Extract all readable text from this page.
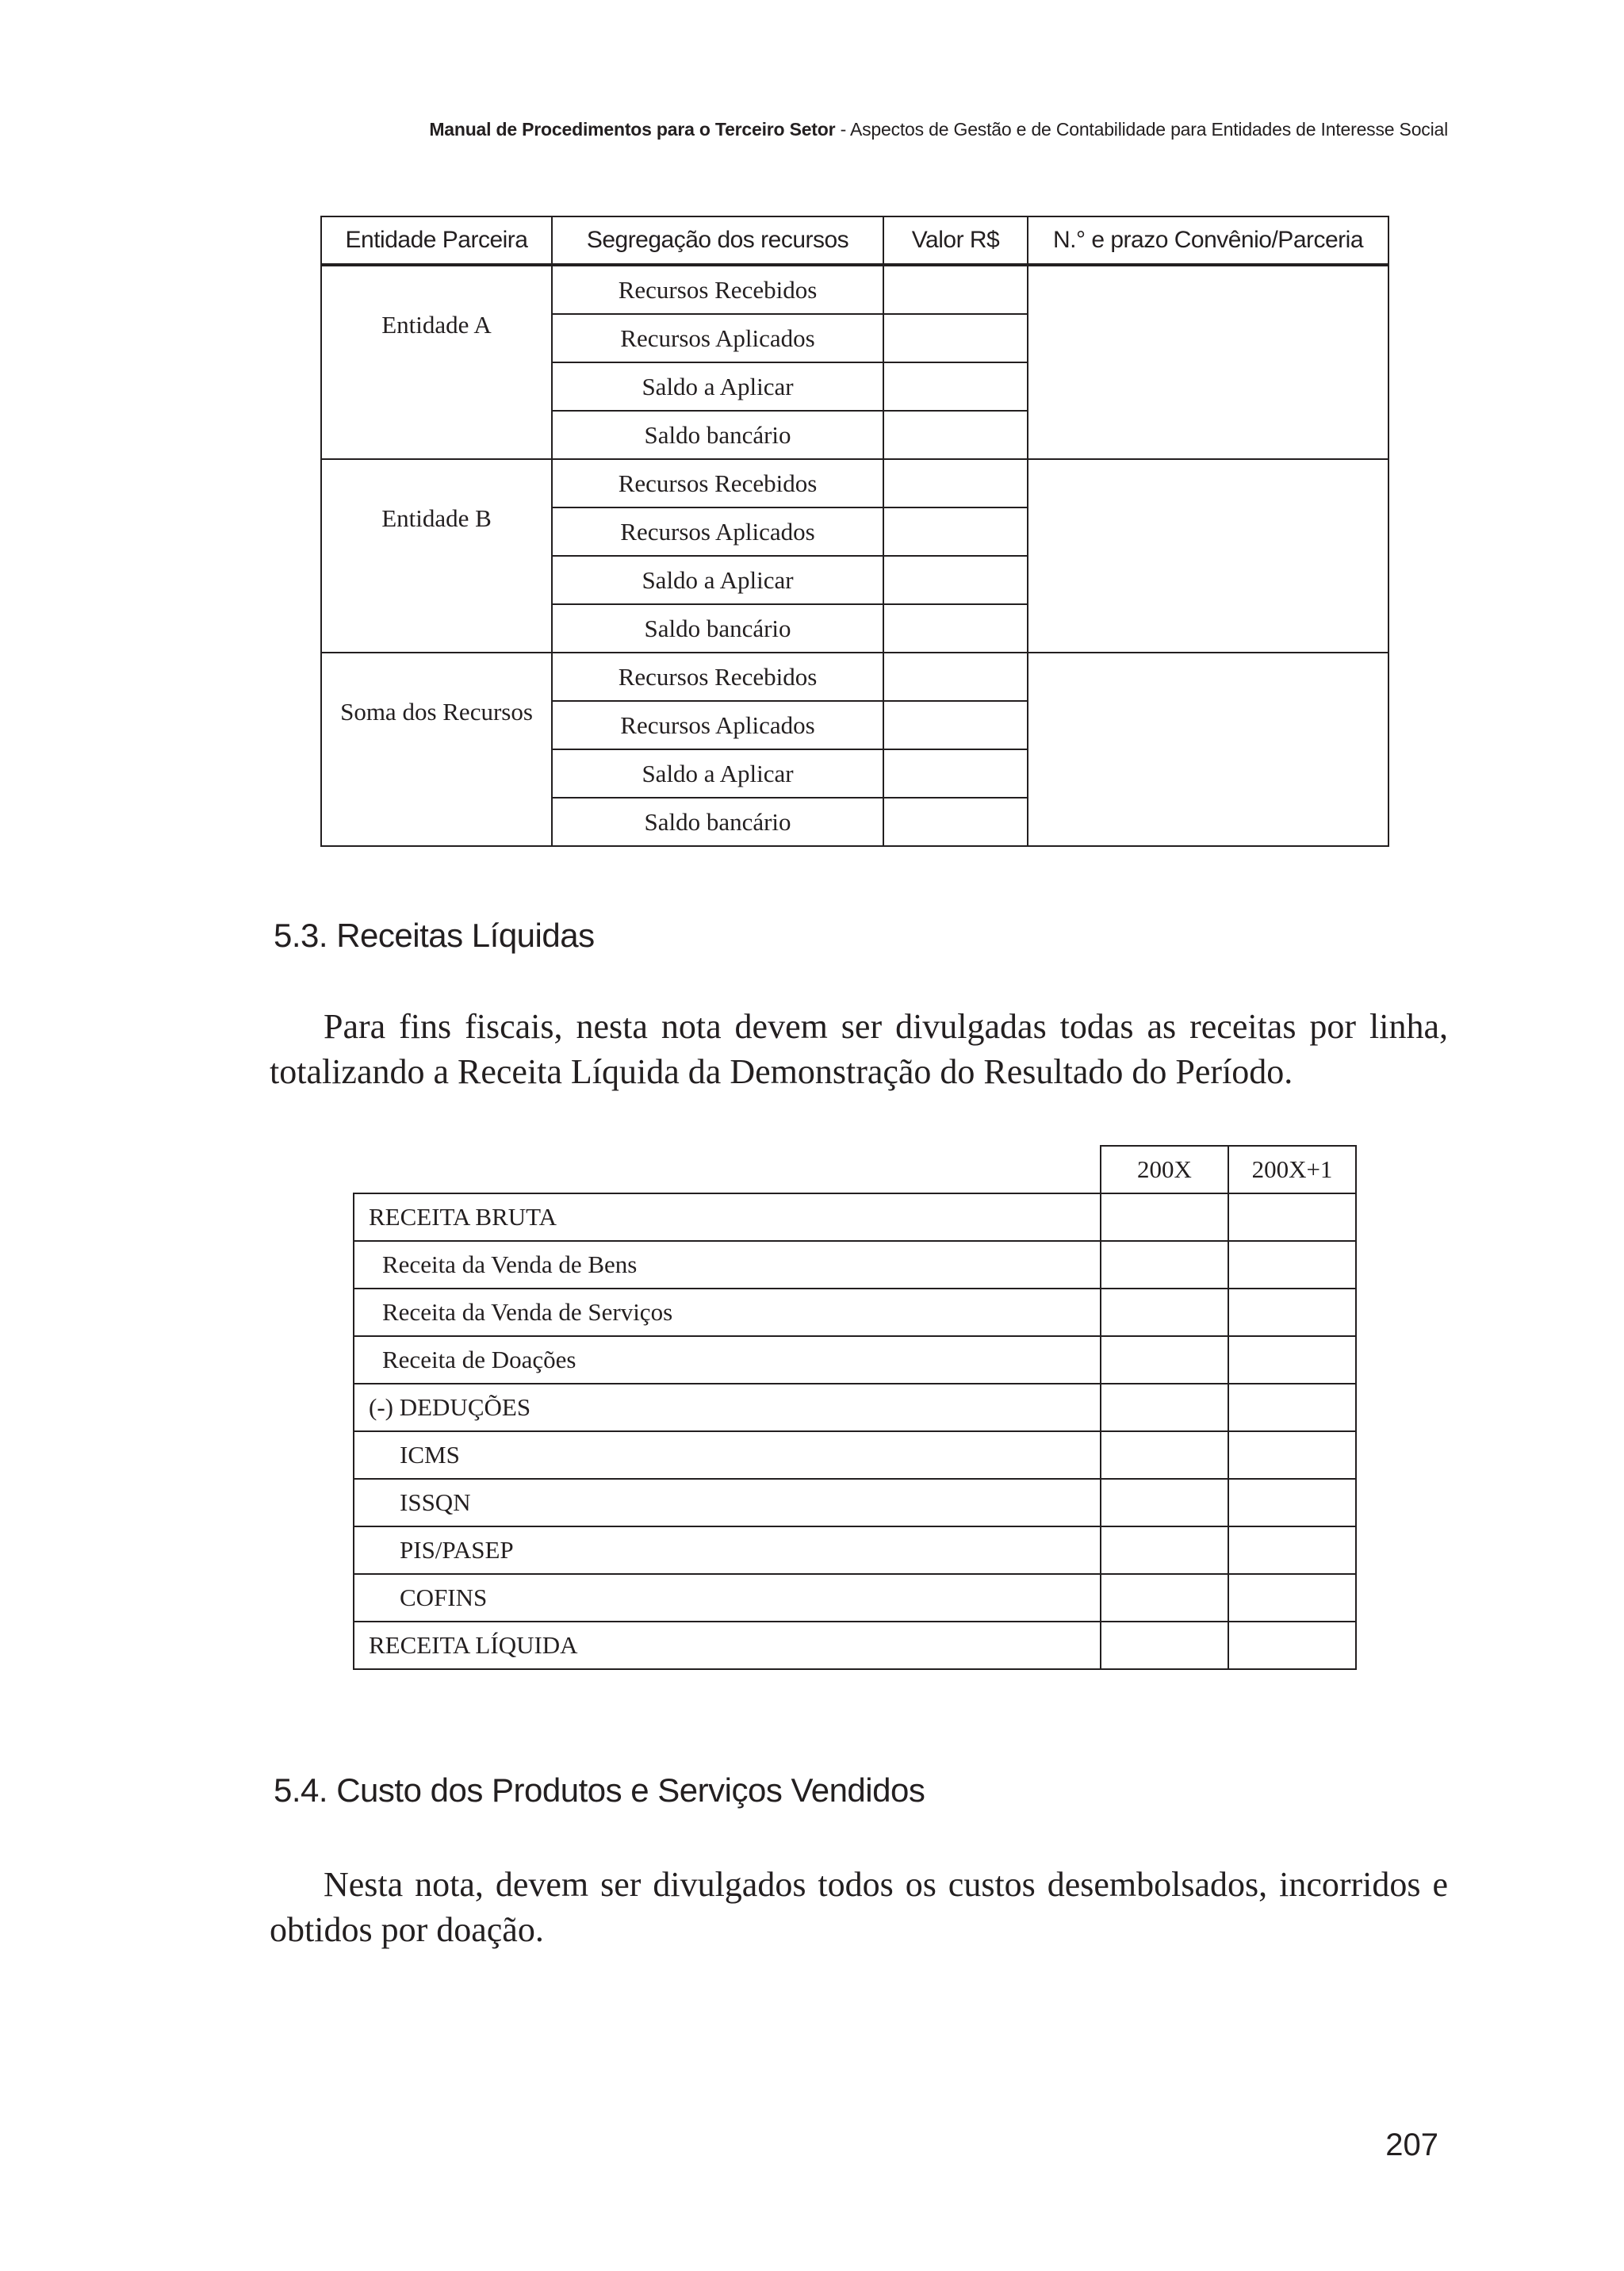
Manual de Procedimentos para o Terceiro Setor - Aspectos de Gestão e de Contabilidade para Entidades de Interesse Social
Entidade Parceira	Segregação dos recursos	Valor R$	N.° e prazo Convênio/Parceria
Entidade A	Recursos Recebidos		
	Recursos Aplicados		
	Saldo a Aplicar		
	Saldo bancário		
Entidade B	Recursos Recebidos		
	Recursos Aplicados		
	Saldo a Aplicar		
	Saldo bancário		
Soma dos Recursos	Recursos Recebidos		
	Recursos Aplicados		
	Saldo a Aplicar		
	Saldo bancário		
5.3. Receitas Líquidas

Para fins fiscais, nesta nota devem ser divulgadas todas as receitas por linha, totalizando a Receita Líquida da Demonstração do Resultado do Período.

	200X	200X+1
RECEITA BRUTA		
Receita da Venda de Bens		
Receita da Venda de Serviços		
Receita de Doações		
(-) DEDUÇÕES		
ICMS		
ISSQN		
PIS/PASEP		
COFINS		
RECEITA LÍQUIDA		
5.4. Custo dos Produtos e Serviços Vendidos

Nesta nota, devem ser divulgados todos os custos desembolsados, incorridos e obtidos por doação.

207
